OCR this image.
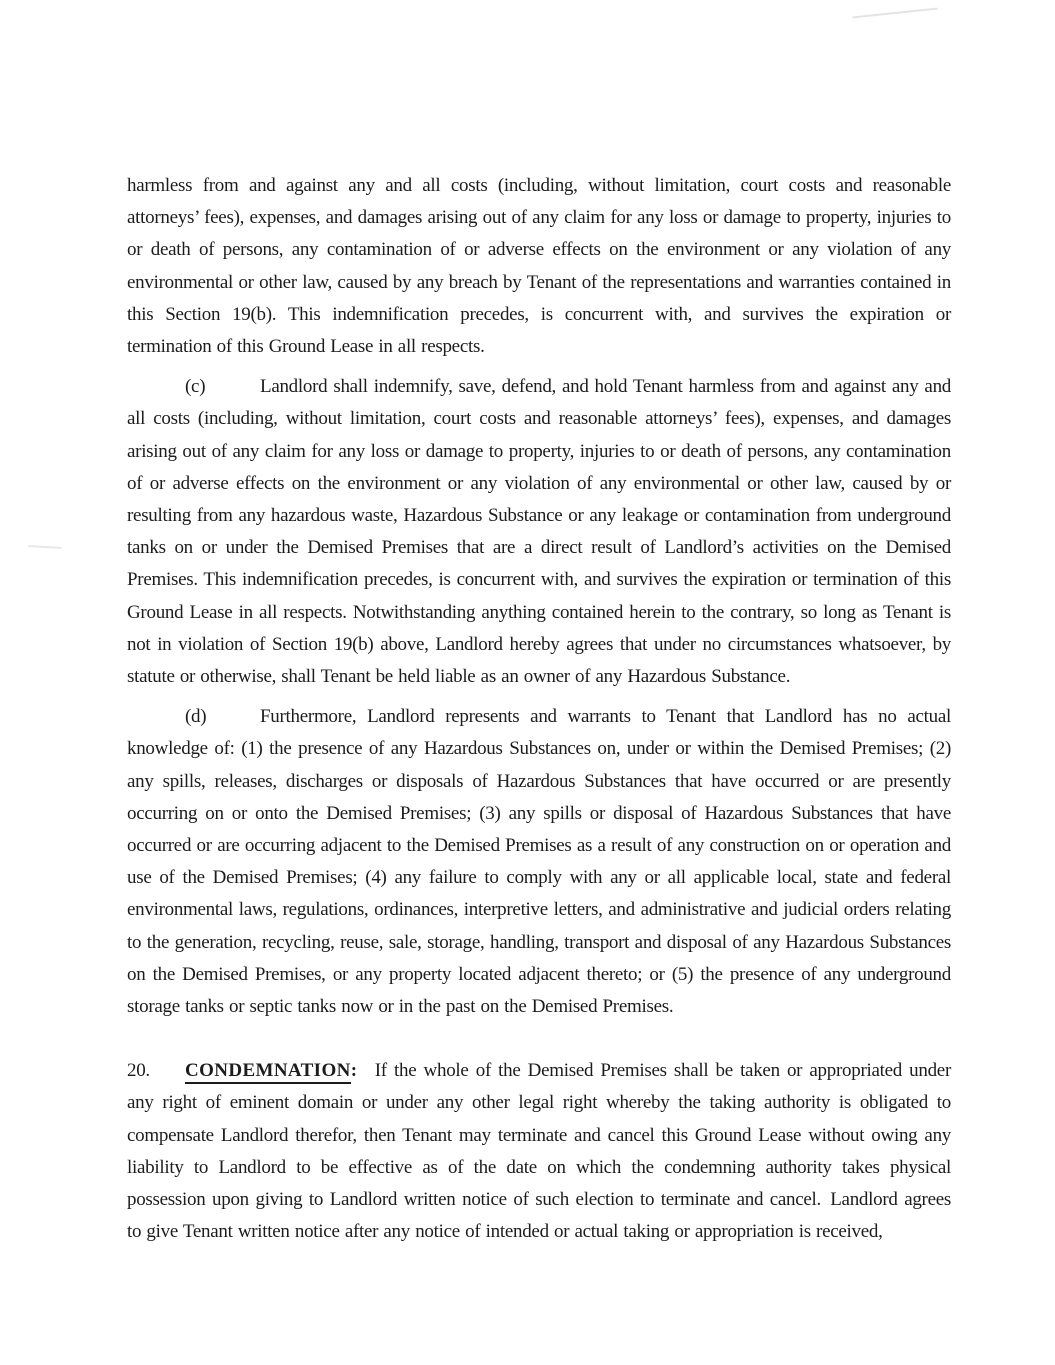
harmless from and against any and all costs (including, without limitation, court costs and reasonable attorneys’ fees), expenses, and damages arising out of any claim for any loss or damage to property, injuries to or death of persons, any contamination of or adverse effects on the environment or any violation of any environmental or other law, caused by any breach by Tenant of the representations and warranties contained in this Section 19(b). This indemnification precedes, is concurrent with, and survives the expiration or termination of this Ground Lease in all respects.

(c)	Landlord shall indemnify, save, defend, and hold Tenant harmless from and against any and all costs (including, without limitation, court costs and reasonable attorneys’ fees), expenses, and damages arising out of any claim for any loss or damage to property, injuries to or death of persons, any contamination of or adverse effects on the environment or any violation of any environmental or other law, caused by or resulting from any hazardous waste, Hazardous Substance or any leakage or contamination from underground tanks on or under the Demised Premises that are a direct result of Landlord’s activities on the Demised Premises. This indemnification precedes, is concurrent with, and survives the expiration or termination of this Ground Lease in all respects. Notwithstanding anything contained herein to the contrary, so long as Tenant is not in violation of Section 19(b) above, Landlord hereby agrees that under no circumstances whatsoever, by statute or otherwise, shall Tenant be held liable as an owner of any Hazardous Substance.

(d)	Furthermore, Landlord represents and warrants to Tenant that Landlord has no actual knowledge of: (1) the presence of any Hazardous Substances on, under or within the Demised Premises; (2) any spills, releases, discharges or disposals of Hazardous Substances that have occurred or are presently occurring on or onto the Demised Premises; (3) any spills or disposal of Hazardous Substances that have occurred or are occurring adjacent to the Demised Premises as a result of any construction on or operation and use of the Demised Premises; (4) any failure to comply with any or all applicable local, state and federal environmental laws, regulations, ordinances, interpretive letters, and administrative and judicial orders relating to the generation, recycling, reuse, sale, storage, handling, transport and disposal of any Hazardous Substances on the Demised Premises, or any property located adjacent thereto; or (5) the presence of any underground storage tanks or septic tanks now or in the past on the Demised Premises.

20. CONDEMNATION: If the whole of the Demised Premises shall be taken or appropriated under any right of eminent domain or under any other legal right whereby the taking authority is obligated to compensate Landlord therefor, then Tenant may terminate and cancel this Ground Lease without owing any liability to Landlord to be effective as of the date on which the condemning authority takes physical possession upon giving to Landlord written notice of such election to terminate and cancel. Landlord agrees to give Tenant written notice after any notice of intended or actual taking or appropriation is received,
